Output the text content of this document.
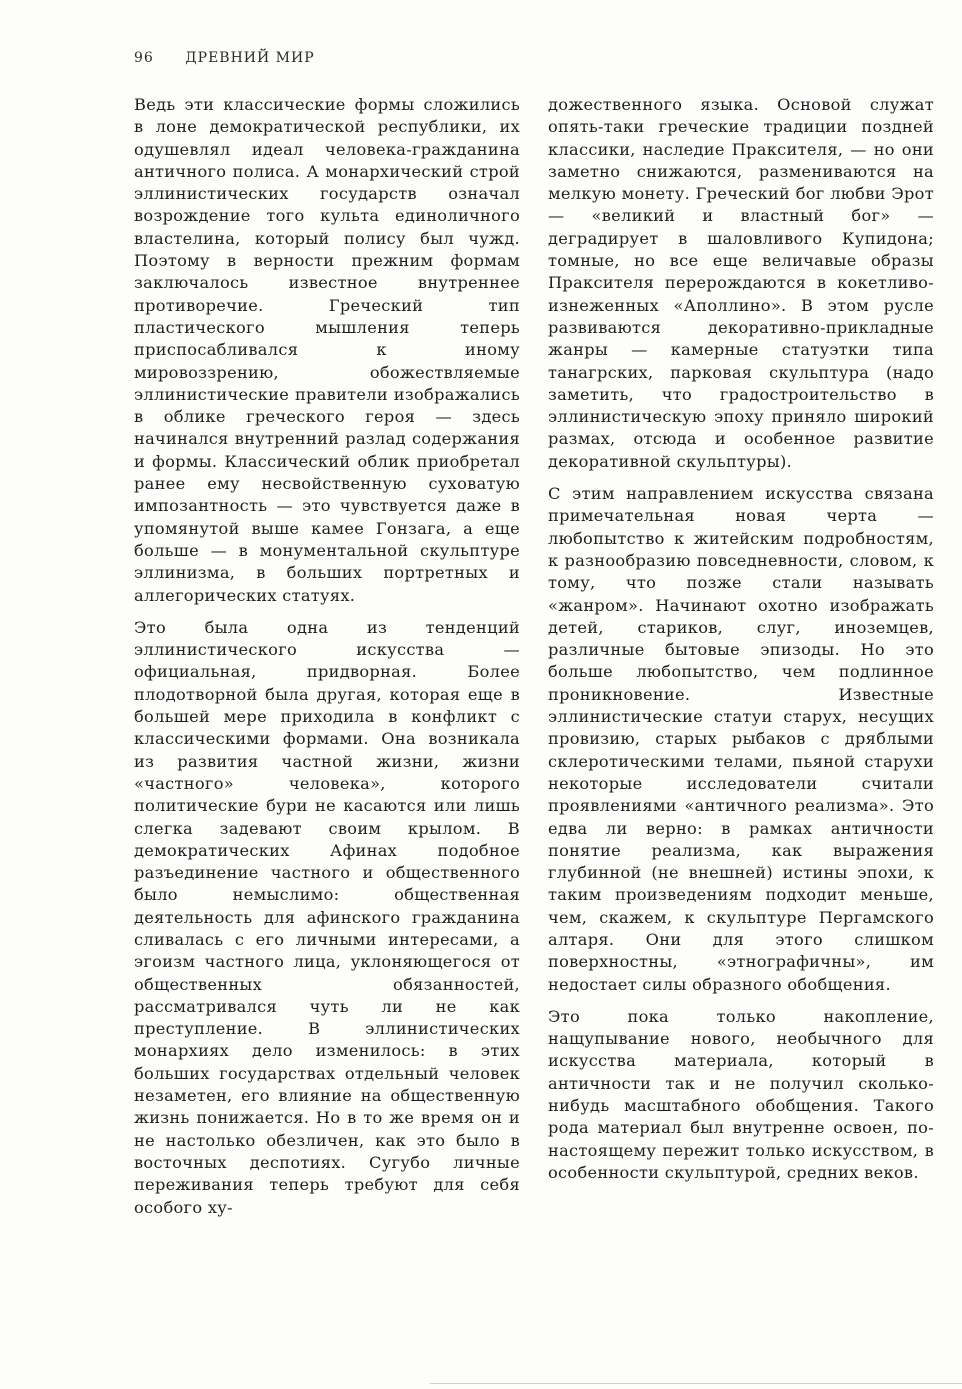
96 ДРЕВНИЙ МИР

Ведь эти классические формы сложились в лоне демократической республики, их одушевлял идеал человека-гражданина античного полиса. А монархический строй эллинистических государств означал возрождение того культа единоличного властелина, который полису был чужд. Поэтому в верности прежним формам заключалось известное внутреннее противоречие. Греческий тип пластического мышления теперь приспосабливался к иному мировоззрению, обожествляемые эллинистические правители изображались в облике греческого героя — здесь начинался внутренний разлад содержания и формы. Классический облик приобретал ранее ему несвойственную суховатую импозантность — это чувствуется даже в упомянутой выше камее Гонзага, а еще больше — в монументальной скульптуре эллинизма, в больших портретных и аллегорических статуях.

Это была одна из тенденций эллинистического искусства — официальная, придворная. Более плодотворной была другая, которая еще в большей мере приходила в конфликт с классическими формами. Она возникала из развития частной жизни, жизни «частного» человека», которого политические бури не касаются или лишь слегка задевают своим крылом. В демократических Афинах подобное разъединение частного и общественного было немыслимо: общественная деятельность для афинского гражданина сливалась с его личными интересами, а эгоизм частного лица, уклоняющегося от общественных обязанностей, рассматривался чуть ли не как преступление. В эллинистических монархиях дело изменилось: в этих больших государствах отдельный человек незаметен, его влияние на общественную жизнь понижается. Но в то же время он и не настолько обезличен, как это было в восточных деспотиях. Сугубо личные переживания теперь требуют для себя особого ху-

дожественного языка. Основой служат опять-таки греческие традиции поздней классики, наследие Праксителя, — но они заметно снижаются, размениваются на мелкую монету. Греческий бог любви Эрот — «великий и властный бог» — деградирует в шаловливого Купидона; томные, но все еще величавые образы Праксителя перерождаются в кокетливо-изнеженных «Аполлино». В этом русле развиваются декоративно-прикладные жанры — камерные статуэтки типа танагрских, парковая скульптура (надо заметить, что градостроительство в эллинистическую эпоху приняло широкий размах, отсюда и особенное развитие декоративной скульптуры).

С этим направлением искусства связана примечательная новая черта — любопытство к житейским подробностям, к разнообразию повседневности, словом, к тому, что позже стали называть «жанром». Начинают охотно изображать детей, стариков, слуг, иноземцев, различные бытовые эпизоды. Но это больше любопытство, чем подлинное проникновение. Известные эллинистические статуи старух, несущих провизию, старых рыбаков с дряблыми склеротическими телами, пьяной старухи некоторые исследователи считали проявлениями «античного реализма». Это едва ли верно: в рамках античности понятие реализма, как выражения глубинной (не внешней) истины эпохи, к таким произведениям подходит меньше, чем, скажем, к скульптуре Пергамского алтаря. Они для этого слишком поверхностны, «этнографичны», им недостает силы образного обобщения.

Это пока только накопление, нащупывание нового, необычного для искусства материала, который в античности так и не получил сколько-нибудь масштабного обобщения. Такого рода материал был внутренне освоен, по-настоящему пережит только искусством, в особенности скульптурой, средних веков.
